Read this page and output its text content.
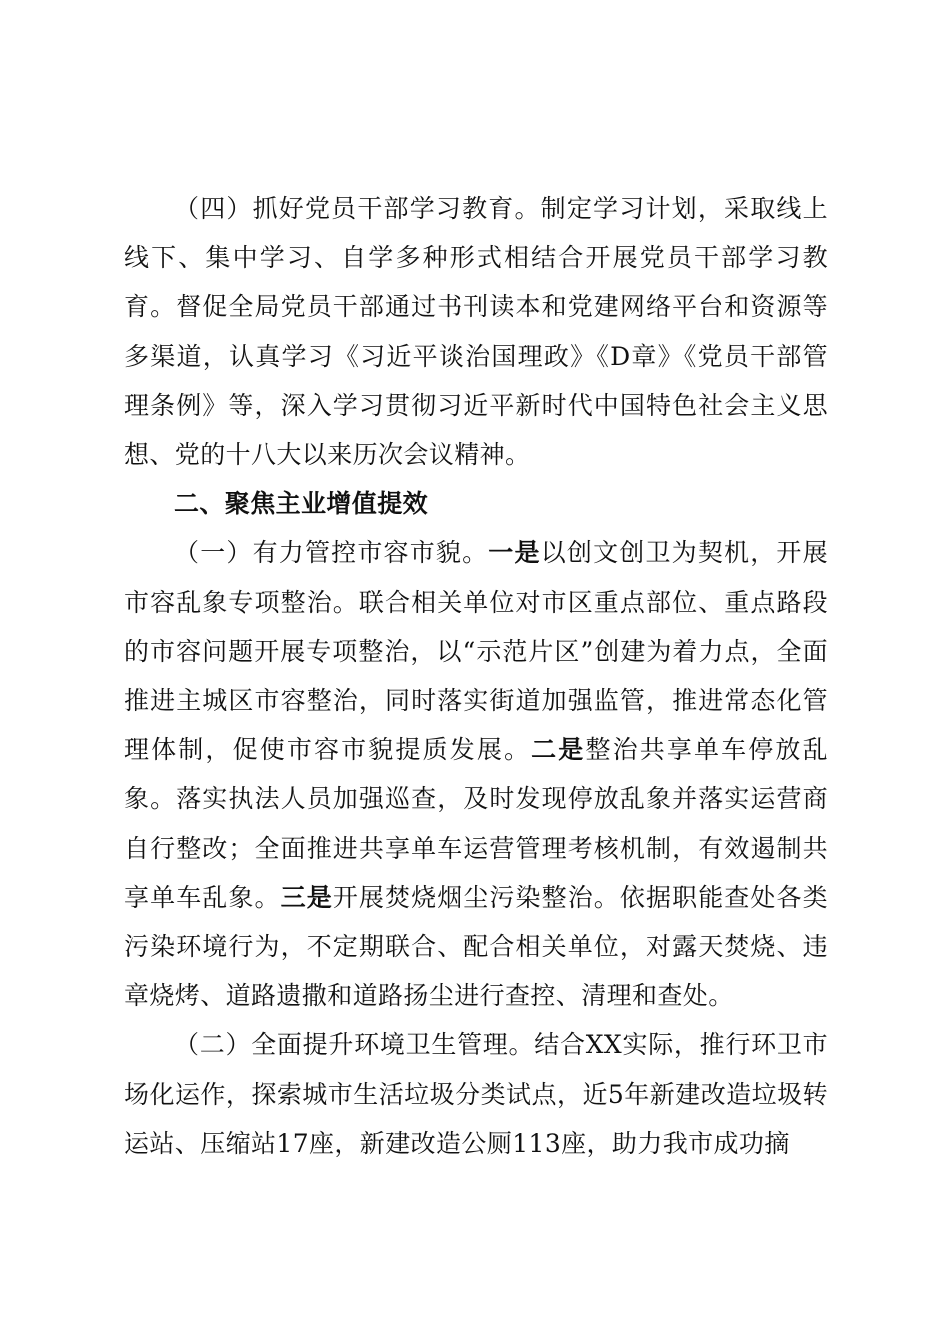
（四）抓好党员干部学习教育。制定学习计划，采取线上线下、集中学习、自学多种形式相结合开展党员干部学习教育。督促全局党员干部通过书刊读本和党建网络平台和资源等多渠道，认真学习《习近平谈治国理政》《D章》《党员干部管理条例》等，深入学习贯彻习近平新时代中国特色社会主义思想、党的十八大以来历次会议精神。

二、聚焦主业增值提效

（一）有力管控市容市貌。一是以创文创卫为契机，开展市容乱象专项整治。联合相关单位对市区重点部位、重点路段的市容问题开展专项整治，以“示范片区”创建为着力点，全面推进主城区市容整治，同时落实街道加强监管，推进常态化管理体制，促使市容市貌提质发展。二是整治共享单车停放乱象。落实执法人员加强巡查，及时发现停放乱象并落实运营商自行整改；全面推进共享单车运营管理考核机制，有效遏制共享单车乱象。三是开展焚烧烟尘污染整治。依据职能查处各类污染环境行为，不定期联合、配合相关单位，对露天焚烧、违章烧烤、道路遗撒和道路扬尘进行查控、清理和查处。

（二）全面提升环境卫生管理。结合XX实际，推行环卫市场化运作，探索城市生活垃圾分类试点，近5年新建改造垃圾转运站、压缩站17座，新建改造公厕113座，助力我市成功摘
